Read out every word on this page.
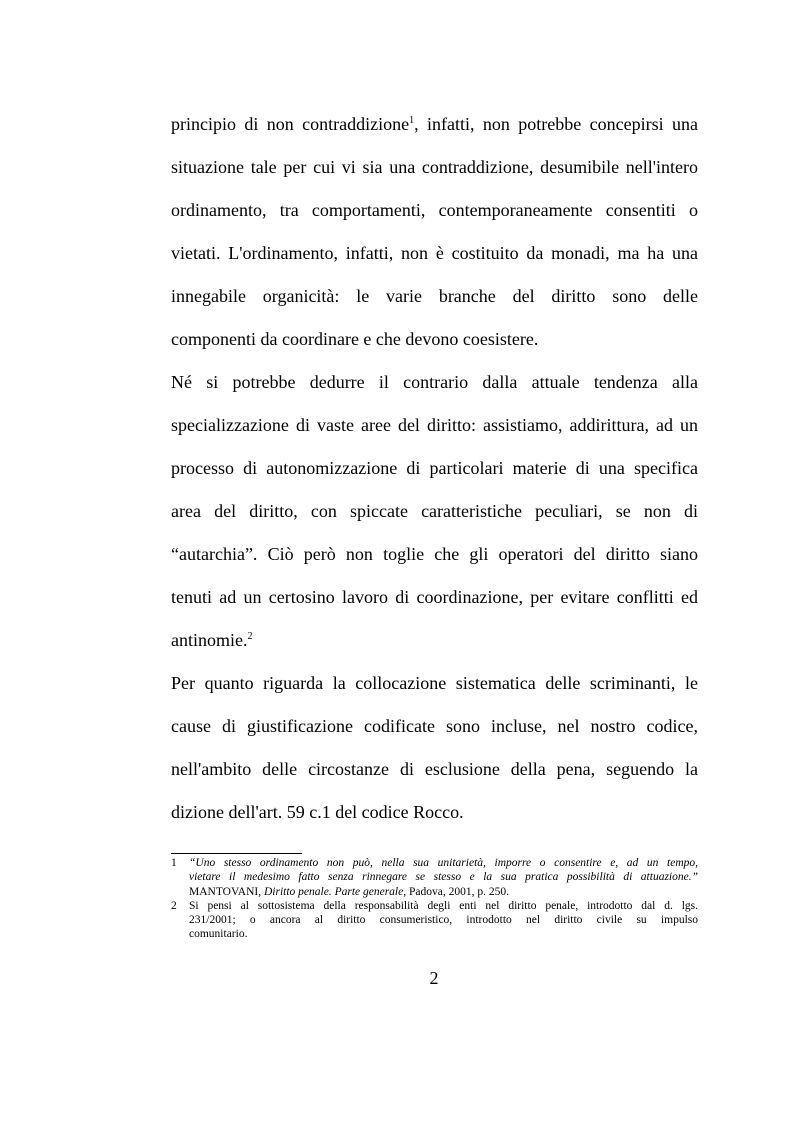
principio di non contraddizione$^1$, infatti, non potrebbe concepirsi una
situazione tale per cui vi sia una contraddizione, desumibile nell'intero
ordinamento, tra comportamenti, contemporaneamente consentiti o
vietati. L'ordinamento, infatti, non è costituito da monadi, ma ha una
innegabile organicità: le varie branche del diritto sono delle
componenti da coordinare e che devono coesistere.
Né si potrebbe dedurre il contrario dalla attuale tendenza alla
specializzazione di vaste aree del diritto: assistiamo, addirittura, ad un
processo di autonomizzazione di particolari materie di una specifica
area del diritto, con spiccate caratteristiche peculiari, se non di
“autarchia”. Ciò però non toglie che gli operatori del diritto siano
tenuti ad un certosino lavoro di coordinazione, per evitare conflitti ed
antinomie.$^2$
Per quanto riguarda la collocazione sistematica delle scriminanti, le
cause di giustificazione codificate sono incluse, nel nostro codice,
nell'ambito delle circostanze di esclusione della pena, seguendo la
dizione dell'art. 59 c.1 del codice Rocco.
1 “Uno stesso ordinamento non può, nella sua unitarietà, imporre o consentire e, ad un tempo,
vietare il medesimo fatto senza rinnegare se stesso e la sua pratica possibilità di attuazione.”
MANTOVANI, Diritto penale. Parte generale, Padova, 2001, p. 250.
2 Si pensi al sottosistema della responsabilità degli enti nel diritto penale, introdotto dal d. lgs.
231/2001; o ancora al diritto consumeristico, introdotto nel diritto civile su impulso
comunitario.
2
